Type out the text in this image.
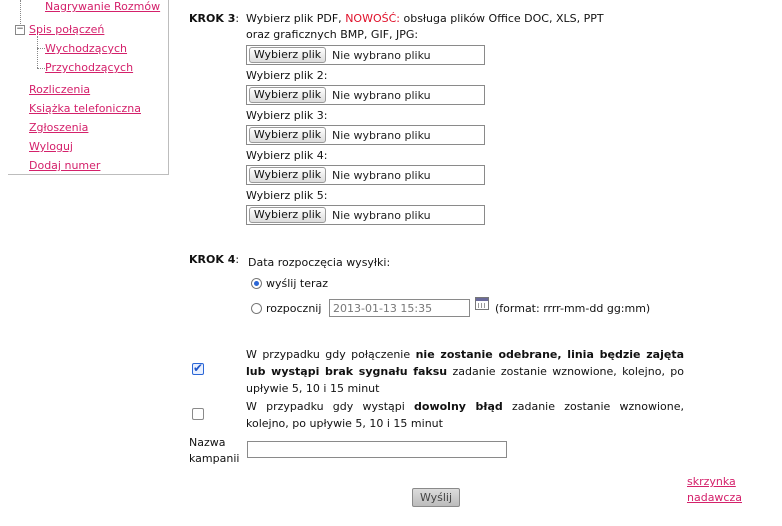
Nagrywanie Rozmów
− Spis połączeń
Wychodzących
Przychodzących
Rozliczenia
Książka telefoniczna
Zgłoszenia
Wyloguj
Dodaj numer
KROK 3: Wybierz plik PDF, NOWOŚĆ: obsługa plików Office DOC, XLS, PPT
oraz graficznych BMP, GIF, JPG:
Wybierz plik Nie wybrano pliku
Wybierz plik 2:
Wybierz plik Nie wybrano pliku
Wybierz plik 3:
Wybierz plik Nie wybrano pliku
Wybierz plik 4:
Wybierz plik Nie wybrano pliku
Wybierz plik 5:
Wybierz plik Nie wybrano pliku
KROK 4: Data rozpoczęcia wysyłki:
wyślij teraz
rozpocznij	2013-01-13 15:35	(format: rrrr-mm-dd gg:mm)
✔
W przypadku gdy połączenie nie zostanie odebrane, linia będzie zajęta lub wystąpi brak sygnału faksu zadanie zostanie wznowione, kolejno, po upływie 5, 10 i 15 minut
W przypadku gdy wystąpi dowolny błąd zadanie zostanie wznowione, kolejno, po upływie 5, 10 i 15 minut
Nazwa
kampanii
Wyślij
skrzynka
nadawcza
